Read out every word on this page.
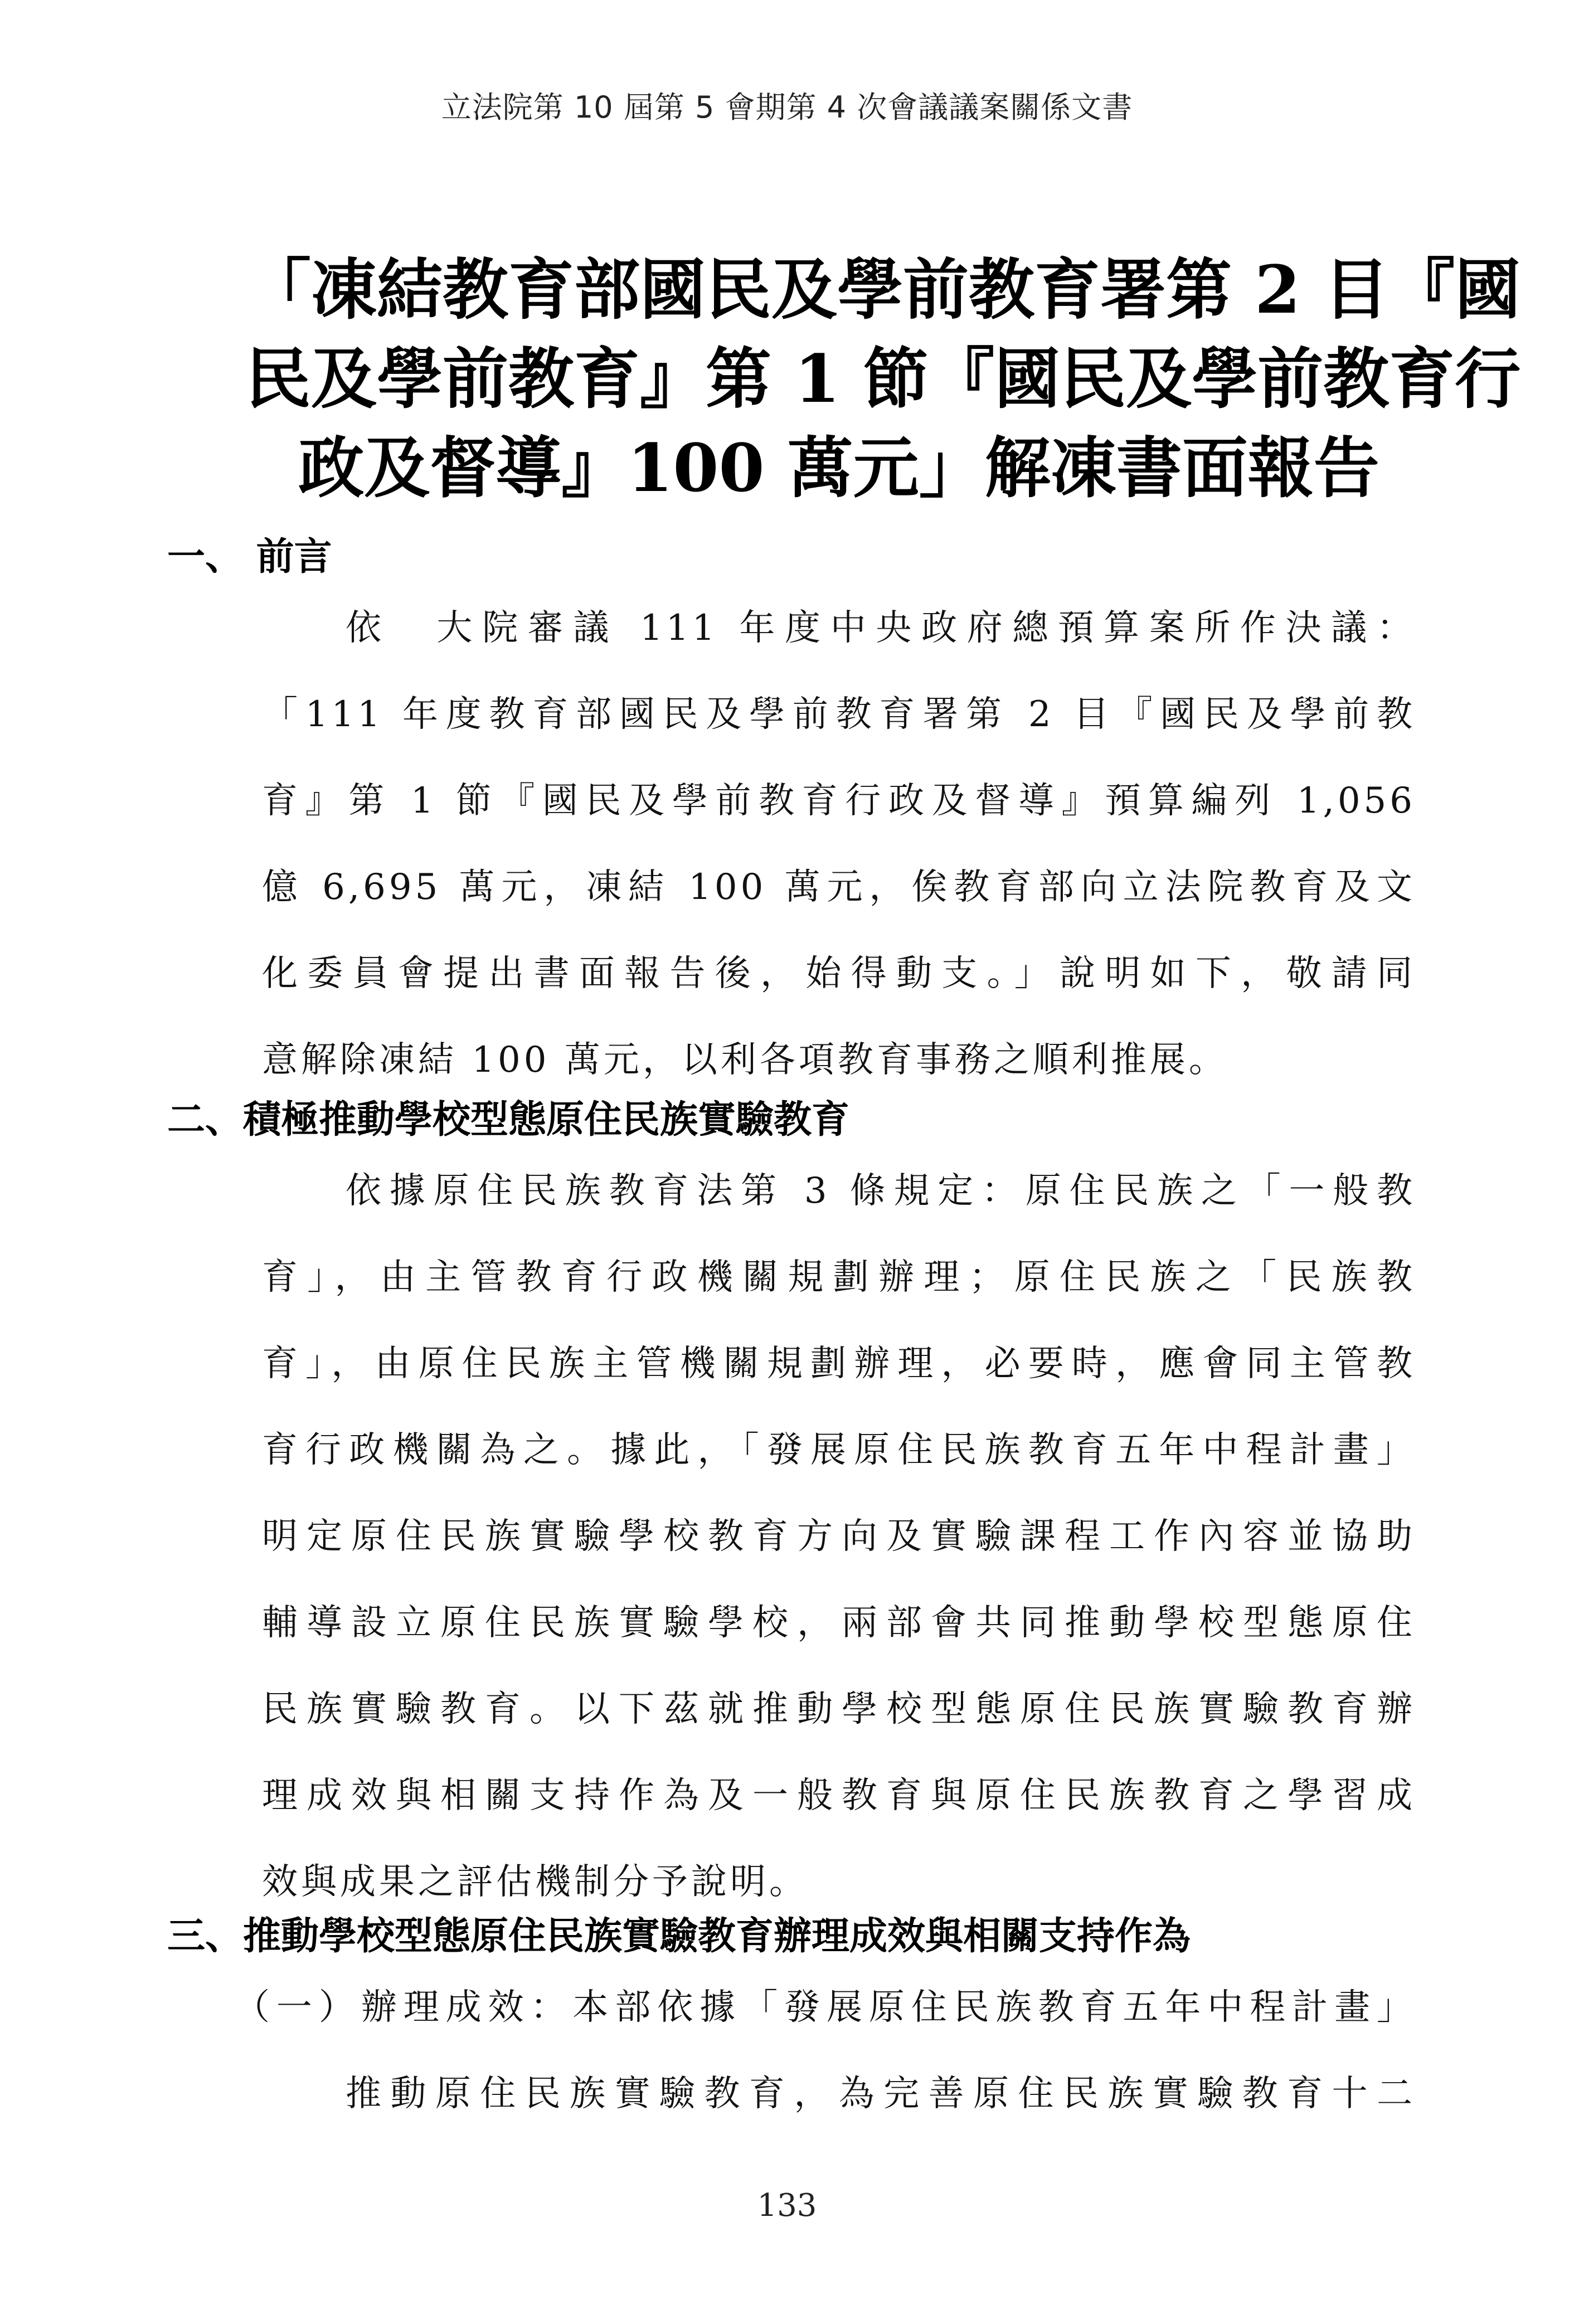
立法院第 10 屆第 5 會期第 4 次會議議案關係文書
「凍結教育部國民及學前教育署第 2 目『國
民及學前教育』第 1 節『國民及學前教育行
政及督導』100 萬元」解凍書面報告
一、 前言
依　大院審議 111 年度中央政府總預算案所作決議：
「111 年度教育部國民及學前教育署第 2 目『國民及學前教
育』第 1 節『國民及學前教育行政及督導』預算編列 1,056
億 6,695 萬元，凍結 100 萬元，俟教育部向立法院教育及文
化委員會提出書面報告後，始得動支。」說明如下，敬請同
意解除凍結 100 萬元，以利各項教育事務之順利推展。
二、積極推動學校型態原住民族實驗教育
依據原住民族教育法第 3 條規定：原住民族之「一般教
育」，由主管教育行政機關規劃辦理；原住民族之「民族教
育」，由原住民族主管機關規劃辦理，必要時，應會同主管教
育行政機關為之。據此，「發展原住民族教育五年中程計畫」
明定原住民族實驗學校教育方向及實驗課程工作內容並協助
輔導設立原住民族實驗學校，兩部會共同推動學校型態原住
民族實驗教育。以下茲就推動學校型態原住民族實驗教育辦
理成效與相關支持作為及一般教育與原住民族教育之學習成
效與成果之評估機制分予說明。
三、推動學校型態原住民族實驗教育辦理成效與相關支持作為
（一）辦理成效：本部依據「發展原住民族教育五年中程計畫」
推動原住民族實驗教育，為完善原住民族實驗教育十二
133
